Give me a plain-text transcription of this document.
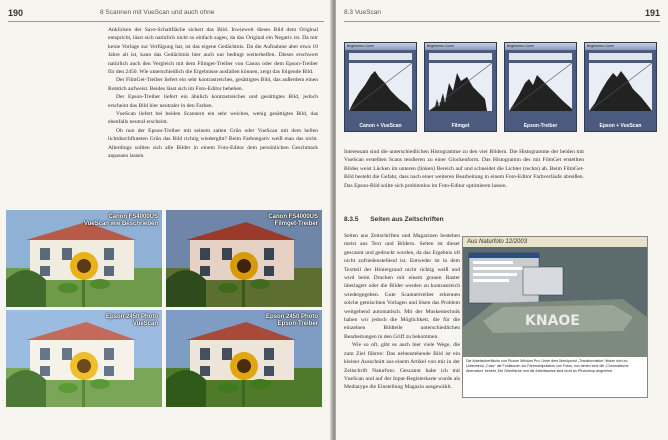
190	8 Scannen mit VueScan und auch ohne

Anklicken der Save-Schaltfläche sichert das Bild. Inwieweit dieses Bild dem Original entspricht, lässt sich natürlich nicht so einfach sagen, da das Original ein Negativ ist. Da mir keine Vorlage zur Verfügung hat, ist das eigene Gedächtnis. Da die Aufnahme aber etwa 10 Jahre alt ist, kann das Gedächtnis hier auch nur bedingt weiterhelfen. Dieses erschwert natürlich auch den Vergleich mit dem Filmget-Treiber von Canon oder dem Epson-Treiber für den 2450. Wie unterschiedlich die Ergebnisse ausfallen können, zeigt das folgende Bild.

Der FilmGet-Treiber liefert ein sehr kontrastreiches, gesättigtes Bild, das außerdem einen Rotstich aufweist. Beides lässt sich im Foto-Editor beheben.

Der Epson-Treiber liefert ein ähnlich kontrastreiches und gesättigtes Bild, jedoch erscheint das Bild hier neutraler in den Farben.

VueScan liefert bei beiden Scannern ein sehr weiches, wenig gesättigtes Bild, das ebenfalls neutral erscheint.

Ob nun der Epson-Treiber mit seinem satten Grün oder VueScan mit dem hellen lichtdurchfluteten Grün das Bild richtig wiedergibt? Beim Farbnegativ weiß man das nicht. Allerdings sollten sich alle Bilder in einem Foto-Editor dem persönlichen Geschmack anpassen lassen.

Canon FS4000US
VueScan wie Beschrieben
Canon FS4000US
Filmget-Treiber
Epson 2450 Photo
VueScan
Epson 2450 Photo
Epson-Treiber
8.3 VueScan	191
Brightness Curve
Canon + VueScan
Brightness Curve
Filmget
Brightness Curve
Epson-Treiber
Brightness Curve
Epson + VueScan
Interessant sind die unterschiedlichen Histogramme zu den vier Bildern. Die Histogramme der beiden mit VueScan erstellten Scans tendieren zu einer Glockenform. Das Histogramm des mit FilmGet erstellten Bildes weist Lücken im unteren (linken) Bereich auf und schneidet die Lichter (rechts) ab. Beim FilmGet-Bild besteht die Gefahr, dass nach einer weiteren Bearbeitung in einem Foto-Editor Farbverläufe abreißen. Das Epson-Bild sollte sich problemlos im Foto-Editor optimieren lassen.
8.3.5 Seiten aus Zeitschriften

Seiten aus Zeitschriften und Magazinen bestehen meist aus Text und Bildern. Selten ist dieser gescannt und gedruckt worden, da das Ergebnis oft nicht zufriedenstellend ist. Entweder ist in dem Textteil der Hintergrund nicht richtig weiß und wird beim Drucken mit einem grauen Raster überlagert oder die Bilder werden zu kontrastreich wiedergegeben. Gute Scannertreiber erkennen solche gemischten Vorlagen und lösen das Problem weitgehend automatisch. Mit der Muskentechnik haben wir jedoch die Möglichkeit, die für die einzelnen Bildteile unterschiedlichen Bearbeitungen in den Griff zu bekommen.

Wie so oft, gibt es auch hier viele Wege, die zum Ziel führen: Das nebenstehende Bild ist ein kleiner Ausschnitt aus einem Artikel von mir in der Zeitschrift Naturfoto. Gescannt habe ich mit VueScan und auf der Input-Registerkarte wurde als Mediatype die Einstellung Magazin ausgewählt.

Aus Naturfoto 12/2003
KNAOE
Die Arbeitsoberfläche von Picture Window Pro: Unter dem Menüpunkt „Transformation“ finden sich im Untermenü „Color“ die Funktionen zur Farbmanipulation von Fotos, von denen eine die „Chromatische Aberration“ behebt. Die Oberfläche und die Arbeitsweise sind nicht an Photoshop angelehnt.
